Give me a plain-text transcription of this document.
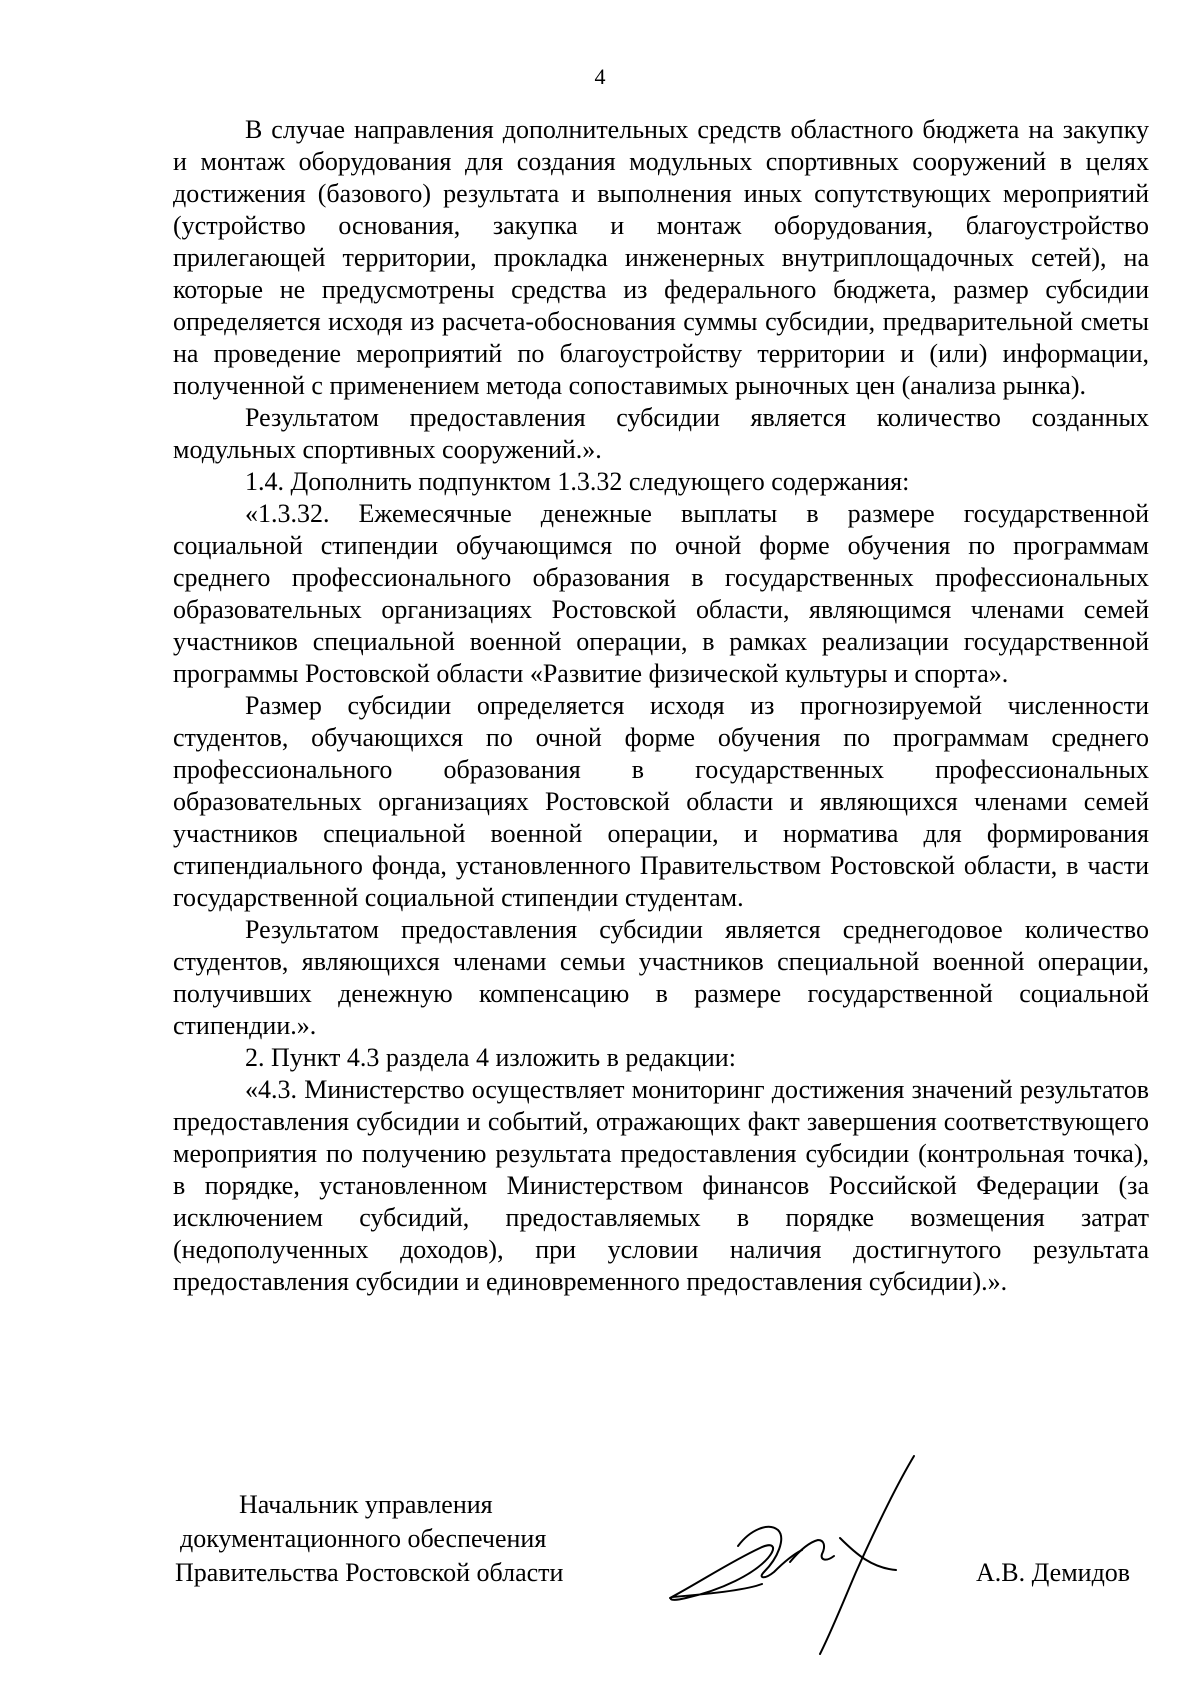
4

В случае направления дополнительных средств областного бюджета на закупку и монтаж оборудования для создания модульных спортивных сооружений в целях достижения (базового) результата и выполнения иных сопутствующих мероприятий (устройство основания, закупка и монтаж оборудования, благоустройство прилегающей территории, прокладка инженерных внутриплощадочных сетей), на которые не предусмотрены средства из федерального бюджета, размер субсидии определяется исходя из расчета-обоснования суммы субсидии, предварительной сметы на проведение мероприятий по благоустройству территории и (или) информации, полученной с применением метода сопоставимых рыночных цен (анализа рынка).

Результатом предоставления субсидии является количество созданных модульных спортивных сооружений.».

1.4. Дополнить подпунктом 1.3.32 следующего содержания:

«1.3.32. Ежемесячные денежные выплаты в размере государственной социальной стипендии обучающимся по очной форме обучения по программам среднего профессионального образования в государственных профессиональных образовательных организациях Ростовской области, являющимся членами семей участников специальной военной операции, в рамках реализации государственной программы Ростовской области «Развитие физической культуры и спорта».

Размер субсидии определяется исходя из прогнозируемой численности студентов, обучающихся по очной форме обучения по программам среднего профессионального образования в государственных профессиональных образовательных организациях Ростовской области и являющихся членами семей участников специальной военной операции, и норматива для формирования стипендиального фонда, установленного Правительством Ростовской области, в части государственной социальной стипендии студентам.

Результатом предоставления субсидии является среднегодовое количество студентов, являющихся членами семьи участников специальной военной операции, получивших денежную компенсацию в размере государственной социальной стипендии.».

2. Пункт 4.3 раздела 4 изложить в редакции:

«4.3. Министерство осуществляет мониторинг достижения значений результатов предоставления субсидии и событий, отражающих факт завершения соответствующего мероприятия по получению результата предоставления субсидии (контрольная точка), в порядке, установленном Министерством финансов Российской Федерации (за исключением субсидий, предоставляемых в порядке возмещения затрат (недополученных доходов), при условии наличия достигнутого результата предоставления субсидии и единовременного предоставления субсидии).».

Начальник управления
документационного обеспечения
Правительства Ростовской области	А.В. Демидов
